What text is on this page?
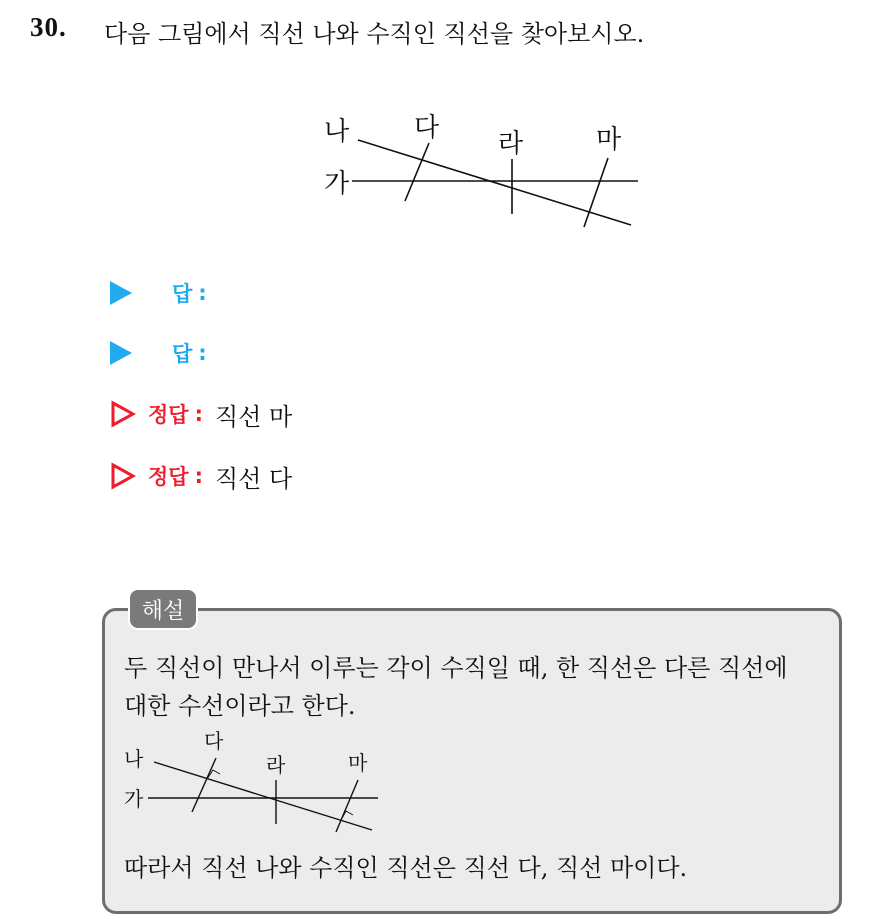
30. 다음 그림에서 직선 나와 수직인 직선을 찾아보시오.
나
가
다
라	마
답 :
답 :
정답 : 직선 마
정답 : 직선 다
해설
두 직선이 만나서 이루는 각이 수직일 때, 한 직선은 다른 직선에
대한 수선이라고 한다.
나
가
다
라	마
따라서 직선 나와 수직인 직선은 직선 다, 직선 마이다.
